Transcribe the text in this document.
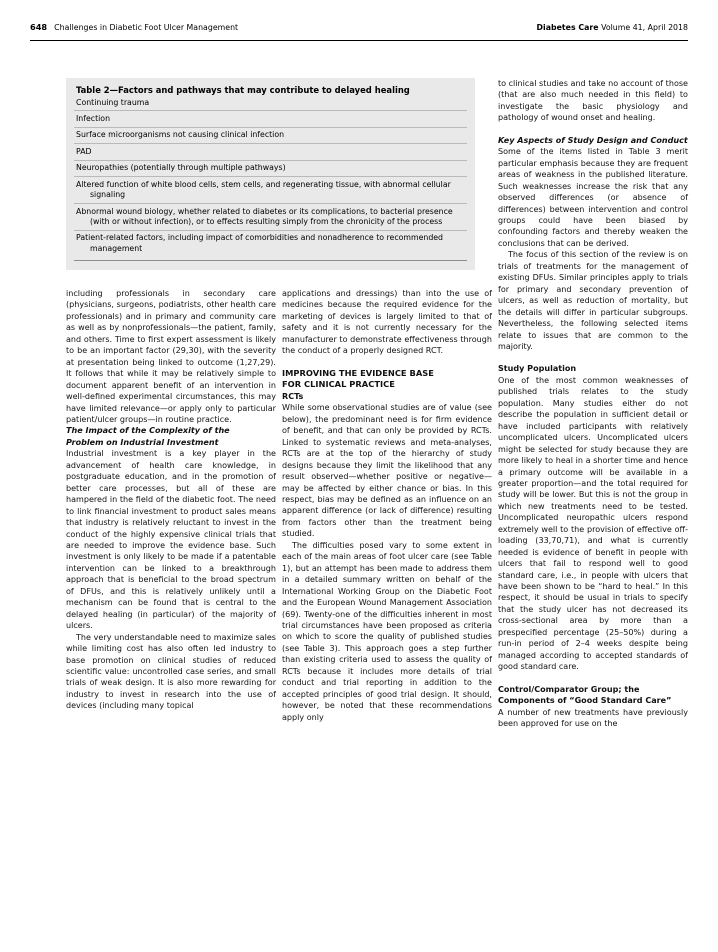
648 Challenges in Diabetic Foot Ulcer Management	Diabetes Care Volume 41, April 2018
Table 2—Factors and pathways that may contribute to delayed healing
Continuing trauma
Infection
Surface microorganisms not causing clinical infection
PAD
Neuropathies (potentially through multiple pathways)
Altered function of white blood cells, stem cells, and regenerating tissue, with abnormal cellular
signaling
Abnormal wound biology, whether related to diabetes or its complications, to bacterial presence
(with or without infection), or to effects resulting simply from the chronicity of the process
Patient-related factors, including impact of comorbidities and nonadherence to recommended
management

including professionals in secondary care (physicians, surgeons, podiatrists, other health care professionals) and in primary and community care as well as by nonprofessionals—the patient, family, and others. Time to first expert assessment is likely to be an important factor (29,30), with the severity at presentation being linked to outcome (1,27,29). It follows that while it may be relatively simple to document apparent benefit of an intervention in well-defined experimental circumstances, this may have limited relevance—or apply only to particular patient/ulcer groups—in routine practice.

The Impact of the Complexity of the
Problem on Industrial Investment

Industrial investment is a key player in the advancement of health care knowledge, in postgraduate education, and in the promotion of better care processes, but all of these are hampered in the field of the diabetic foot. The need to link financial investment to product sales means that industry is relatively reluctant to invest in the conduct of the highly expensive clinical trials that are needed to improve the evidence base. Such investment is only likely to be made if a patentable intervention can be linked to a breakthrough approach that is beneficial to the broad spectrum of DFUs, and this is relatively unlikely until a mechanism can be found that is central to the delayed healing (in particular) of the majority of ulcers.

The very understandable need to maximize sales while limiting cost has also often led industry to base promotion on clinical studies of reduced scientific value: uncontrolled case series, and small trials of weak design. It is also more rewarding for industry to invest in research into the use of devices (including many topical

applications and dressings) than into the use of medicines because the required evidence for the marketing of devices is largely limited to that of safety and it is not currently necessary for the manufacturer to demonstrate effectiveness through the conduct of a properly designed RCT.

IMPROVING THE EVIDENCE BASE
FOR CLINICAL PRACTICE
RCTs

While some observational studies are of value (see below), the predominant need is for firm evidence of benefit, and that can only be provided by RCTs. Linked to systematic reviews and meta-analyses, RCTs are at the top of the hierarchy of study designs because they limit the likelihood that any result observed—whether positive or negative—may be affected by either chance or bias. In this respect, bias may be defined as an influence on an apparent difference (or lack of difference) resulting from factors other than the treatment being studied.

The difficulties posed vary to some extent in each of the main areas of foot ulcer care (see Table 1), but an attempt has been made to address them in a detailed summary written on behalf of the International Working Group on the Diabetic Foot and the European Wound Management Association (69). Twenty-one of the difficulties inherent in most trial circumstances have been proposed as criteria on which to score the quality of published studies (see Table 3). This approach goes a step further than existing criteria used to assess the quality of RCTs because it includes more details of trial conduct and trial reporting in addition to the accepted principles of good trial design. It should, however, be noted that these recommendations apply only

to clinical studies and take no account of those (that are also much needed in this field) to investigate the basic physiology and pathology of wound onset and healing.

Key Aspects of Study Design and Conduct

Some of the items listed in Table 3 merit particular emphasis because they are frequent areas of weakness in the published literature. Such weaknesses increase the risk that any observed differences (or absence of differences) between intervention and control groups could have been biased by confounding factors and thereby weaken the conclusions that can be derived.

The focus of this section of the review is on trials of treatments for the management of existing DFUs. Similar principles apply to trials for primary and secondary prevention of ulcers, as well as reduction of mortality, but the details will differ in particular subgroups. Nevertheless, the following selected items relate to issues that are common to the majority.

Study Population

One of the most common weaknesses of published trials relates to the study population. Many studies either do not describe the population in sufficient detail or have included participants with relatively uncomplicated ulcers. Uncomplicated ulcers might be selected for study because they are more likely to heal in a shorter time and hence a primary outcome will be available in a greater proportion—and the total required for study will be lower. But this is not the group in which new treatments need to be tested. Uncomplicated neuropathic ulcers respond extremely well to the provision of effective off-loading (33,70,71), and what is currently needed is evidence of benefit in people with ulcers that fail to respond well to good standard care, i.e., in people with ulcers that have been shown to be “hard to heal.” In this respect, it should be usual in trials to specify that the study ulcer has not decreased its cross-sectional area by more than a prespecified percentage (25–50%) during a run-in period of 2–4 weeks despite being managed according to accepted standards of good standard care.

Control/Comparator Group; the
Components of “Good Standard Care”

A number of new treatments have previously been approved for use on the
